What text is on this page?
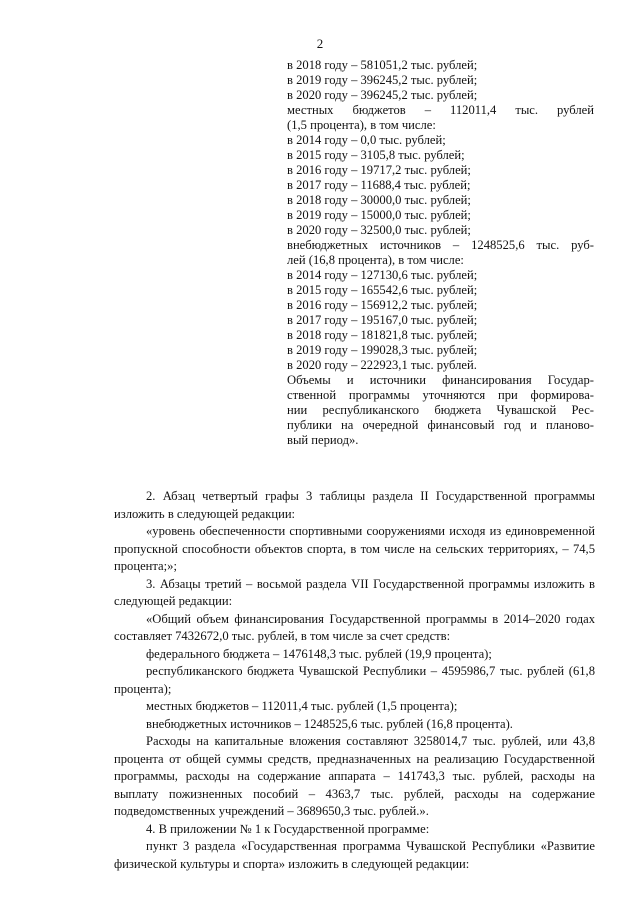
2
в 2018 году – 581051,2 тыс. рублей;
в 2019 году – 396245,2 тыс. рублей;
в 2020 году – 396245,2 тыс. рублей;
местных бюджетов – 112011,4 тыс. рублей
(1,5 процента), в том числе:
в 2014 году – 0,0 тыс. рублей;
в 2015 году – 3105,8 тыс. рублей;
в 2016 году – 19717,2 тыс. рублей;
в 2017 году – 11688,4 тыс. рублей;
в 2018 году – 30000,0 тыс. рублей;
в 2019 году – 15000,0 тыс. рублей;
в 2020 году – 32500,0 тыс. рублей;
внебюджетных источников – 1248525,6 тыс. руб-
лей (16,8 процента), в том числе:
в 2014 году – 127130,6 тыс. рублей;
в 2015 году – 165542,6 тыс. рублей;
в 2016 году – 156912,2 тыс. рублей;
в 2017 году – 195167,0 тыс. рублей;
в 2018 году – 181821,8 тыс. рублей;
в 2019 году – 199028,3 тыс. рублей;
в 2020 году – 222923,1 тыс. рублей.
Объемы и источники финансирования Государ-
ственной программы уточняются при формирова-
нии республиканского бюджета Чувашской Рес-
публики на очередной финансовый год и планово-
вый период».

2. Абзац четвертый графы 3 таблицы раздела II Государственной программы изложить в следующей редакции:

«уровень обеспеченности спортивными сооружениями исходя из единовременной пропускной способности объектов спорта, в том числе на сельских территориях, – 74,5 процента;»;

3. Абзацы третий – восьмой раздела VII Государственной программы изложить в следующей редакции:

«Общий объем финансирования Государственной программы в 2014–2020 годах составляет 7432672,0 тыс. рублей, в том числе за счет средств:

федерального бюджета – 1476148,3 тыс. рублей (19,9 процента);

республиканского бюджета Чувашской Республики – 4595986,7 тыс. рублей (61,8 процента);

местных бюджетов – 112011,4 тыс. рублей (1,5 процента);

внебюджетных источников – 1248525,6 тыс. рублей (16,8 процента).

Расходы на капитальные вложения составляют 3258014,7 тыс. рублей, или 43,8 процента от общей суммы средств, предназначенных на реализацию Государственной программы, расходы на содержание аппарата – 141743,3 тыс. рублей, расходы на выплату пожизненных пособий – 4363,7 тыс. рублей, расходы на содержание подведомственных учреждений – 3689650,3 тыс. рублей.».

4. В приложении № 1 к Государственной программе:

пункт 3 раздела «Государственная программа Чувашской Республики «Развитие физической культуры и спорта» изложить в следующей редакции:
